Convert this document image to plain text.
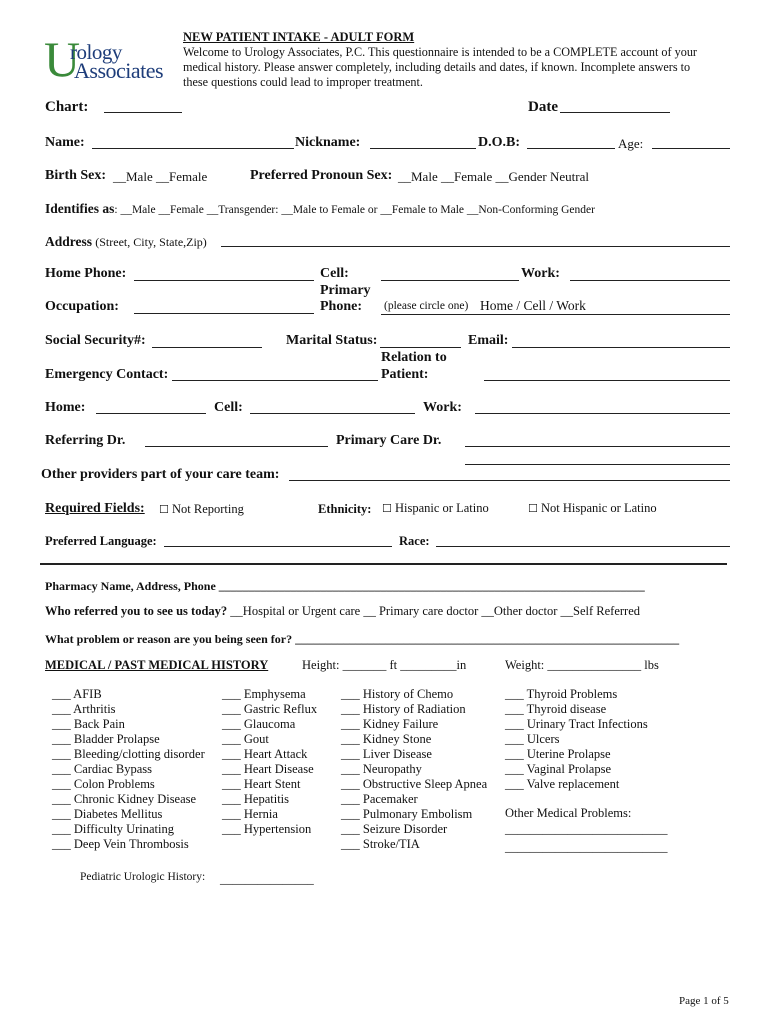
U
rology
Associates
NEW PATIENT INTAKE - ADULT FORM
Welcome to Urology Associates, P.C. This questionnaire is intended to be a COMPLETE account of your
medical history. Please answer completely, including details and dates, if known. Incomplete answers to
these questions could lead to improper treatment.
Chart:	Date
Name:	Nickname:	D.O.B:	Age:
Birth Sex: __Male __Female	Preferred Pronoun Sex: __Male __Female __Gender Neutral
Identifies as: __Male __Female __Transgender: __Male to Female or __Female to Male __Non-Conforming Gender
Address (Street, City, State,Zip)
Home Phone:	Cell:	Work:
Primary
Occupation:	Phone: (please circle one) Home / Cell / Work
Social Security#:	Marital Status:	Email:
Relation to
Emergency Contact:	Patient:
Home:	Cell:	Work:
Referring Dr.	Primary Care Dr.
Other providers part of your care team:
Required Fields: ☐ Not Reporting	Ethnicity: ☐ Hispanic or Latino	☐ Not Hispanic or Latino
Preferred Language:	Race:
Pharmacy Name, Address, Phone _______________________________________________________________________
Who referred you to see us today? __Hospital or Urgent care __ Primary care doctor __Other doctor __Self Referred
What problem or reason are you being seen for? ________________________________________________________________
MEDICAL / PAST MEDICAL HISTORY	Height: _______ ft _________in	Weight: _______________ lbs
___ AFIB
___ Arthritis
___ Back Pain
___ Bladder Prolapse
___ Bleeding/clotting disorder
___ Cardiac Bypass
___ Colon Problems
___ Chronic Kidney Disease
___ Diabetes Mellitus
___ Difficulty Urinating
___ Deep Vein Thrombosis
___ Emphysema
___ Gastric Reflux
___ Glaucoma
___ Gout
___ Heart Attack
___ Heart Disease
___ Heart Stent
___ Hepatitis
___ Hernia
___ Hypertension
___ History of Chemo
___ History of Radiation
___ Kidney Failure
___ Kidney Stone
___ Liver Disease
___ Neuropathy
___ Obstructive Sleep Apnea
___ Pacemaker
___ Pulmonary Embolism
___ Seizure Disorder
___ Stroke/TIA
___ Thyroid Problems
___ Thyroid disease
___ Urinary Tract Infections
___ Ulcers
___ Uterine Prolapse
___ Vaginal Prolapse
___ Valve replacement
Other Medical Problems:
__________________________
__________________________
Pediatric Urologic History: _______________
Page 1 of 5
